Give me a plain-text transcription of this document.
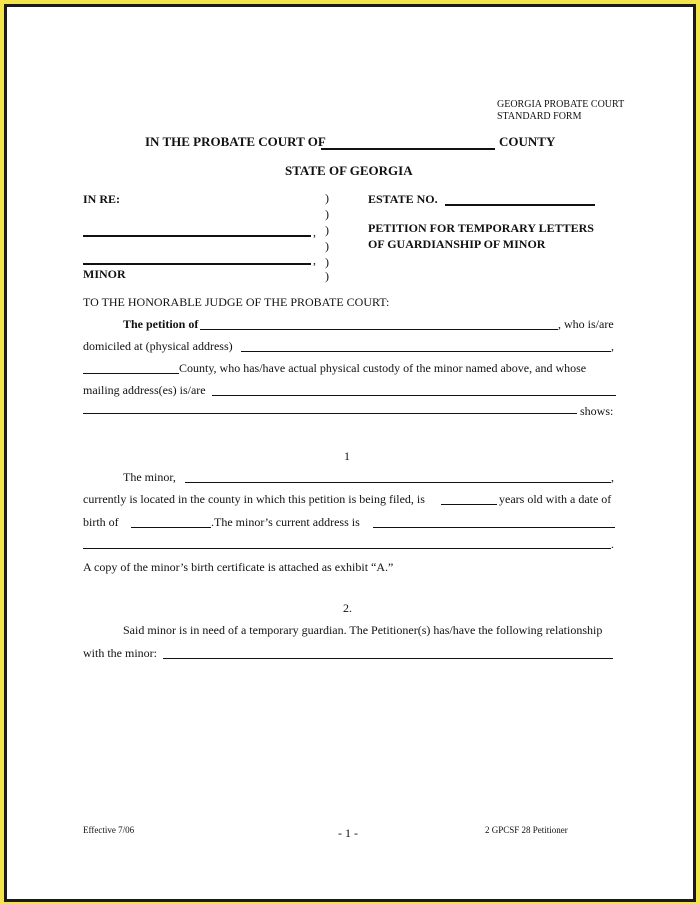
GEORGIA PROBATE COURT
STANDARD FORM
IN THE PROBATE COURT OF	COUNTY
STATE OF GEORGIA
IN RE:	)
)
)
)
)
)
,
,
MINOR
ESTATE NO.
PETITION FOR TEMPORARY LETTERS
OF GUARDIANSHIP OF MINOR
TO THE HONORABLE JUDGE OF THE PROBATE COURT:
The petition of	, who is/are
domiciled at (physical address)	,
County, who has/have actual physical custody of the minor named above, and whose
mailing address(es) is/are
shows:
1
The minor,	,
currently is located in the county in which this petition is being filed, is	years old with a date of
birth of	.The minor’s current address is
.
A copy of the minor’s birth certificate is attached as exhibit “A.”
2.
Said minor is in need of a temporary guardian. The Petitioner(s) has/have the following relationship
with the minor:
Effective 7/06	- 1 -	2 GPCSF 28 Petitioner
